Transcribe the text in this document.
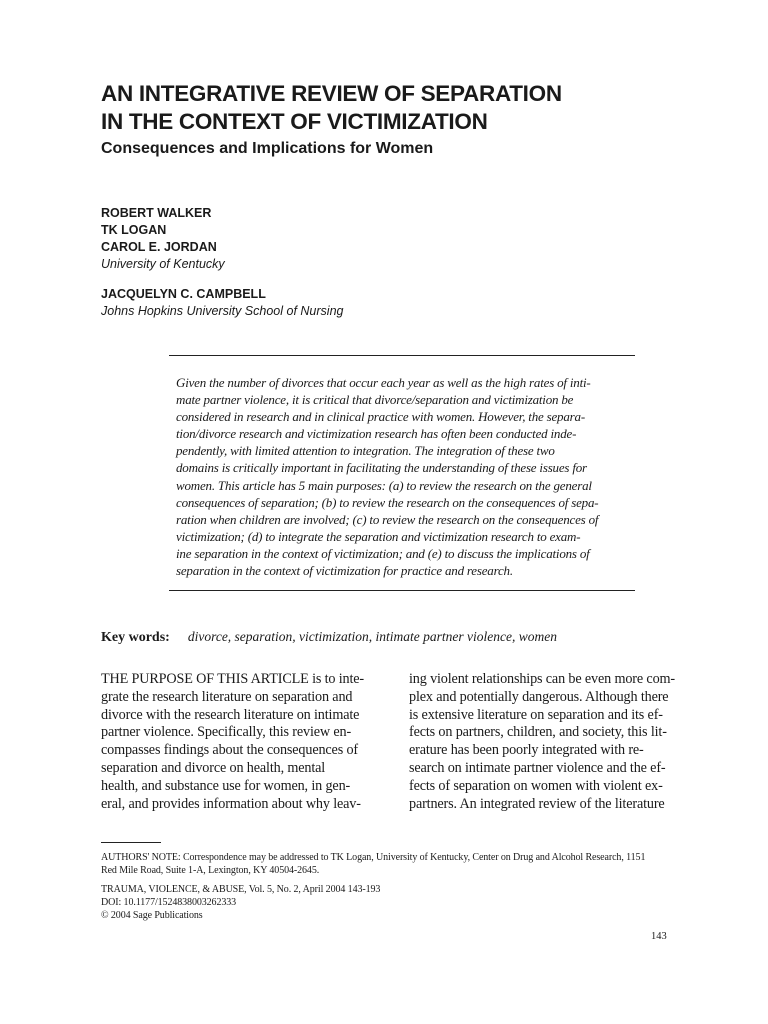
AN INTEGRATIVE REVIEW OF SEPARATION
IN THE CONTEXT OF VICTIMIZATION
Consequences and Implications for Women
ROBERT WALKER
TK LOGAN
CAROL E. JORDAN
University of Kentucky
JACQUELYN C. CAMPBELL
Johns Hopkins University School of Nursing
Given the number of divorces that occur each year as well as the high rates of inti-
mate partner violence, it is critical that divorce/separation and victimization be
considered in research and in clinical practice with women. However, the separa-
tion/divorce research and victimization research has often been conducted inde-
pendently, with limited attention to integration. The integration of these two
domains is critically important in facilitating the understanding of these issues for
women. This article has 5 main purposes: (a) to review the research on the general
consequences of separation; (b) to review the research on the consequences of sepa-
ration when children are involved; (c) to review the research on the consequences of
victimization; (d) to integrate the separation and victimization research to exam-
ine separation in the context of victimization; and (e) to discuss the implications of
separation in the context of victimization for practice and research.
Key words: divorce, separation, victimization, intimate partner violence, women
THE PURPOSE OF THIS ARTICLE is to inte-
grate the research literature on separation and
divorce with the research literature on intimate
partner violence. Specifically, this review en-
compasses findings about the consequences of
separation and divorce on health, mental
health, and substance use for women, in gen-
eral, and provides information about why leav-
ing violent relationships can be even more com-
plex and potentially dangerous. Although there
is extensive literature on separation and its ef-
fects on partners, children, and society, this lit-
erature has been poorly integrated with re-
search on intimate partner violence and the ef-
fects of separation on women with violent ex-
partners. An integrated review of the literature
AUTHORS' NOTE: Correspondence may be addressed to TK Logan, University of Kentucky, Center on Drug and Alcohol Research, 1151
Red Mile Road, Suite 1-A, Lexington, KY 40504-2645.
TRAUMA, VIOLENCE, & ABUSE, Vol. 5, No. 2, April 2004 143-193
DOI: 10.1177/1524838003262333
© 2004 Sage Publications
143
